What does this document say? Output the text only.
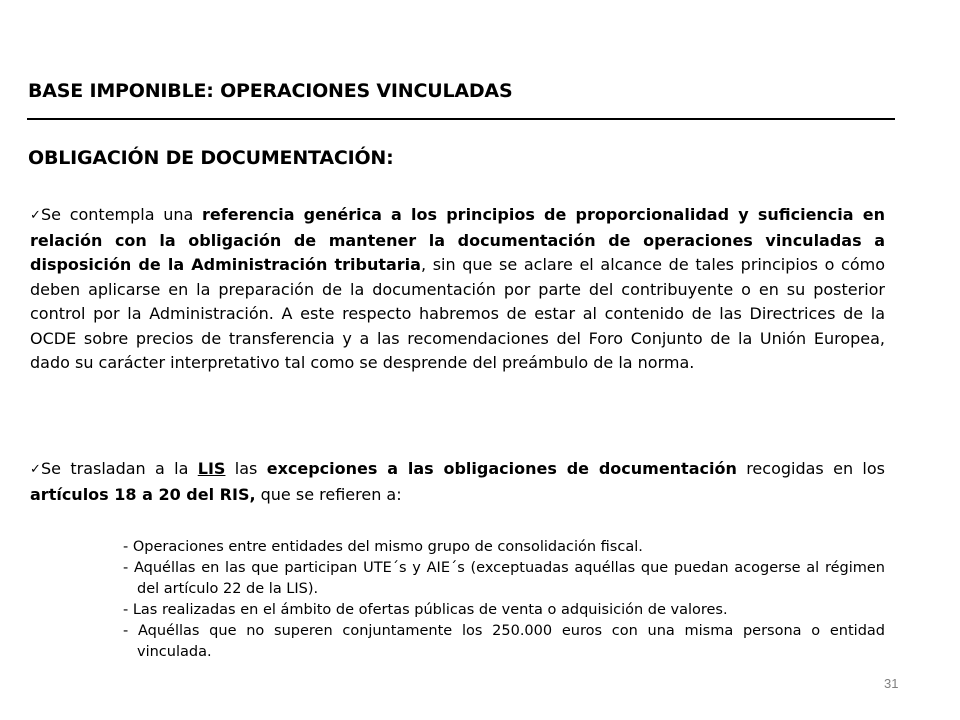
BASE IMPONIBLE: OPERACIONES VINCULADAS
OBLIGACIÓN DE DOCUMENTACIÓN:

✓Se contempla una referencia genérica a los principios de proporcionalidad y suficiencia en relación con la obligación de mantener la documentación de operaciones vinculadas a disposición de la Administración tributaria, sin que se aclare el alcance de tales principios o cómo deben aplicarse en la preparación de la documentación por parte del contribuyente o en su posterior control por la Administración. A este respecto habremos de estar al contenido de las Directrices de la OCDE sobre precios de transferencia y a las recomendaciones del Foro Conjunto de la Unión Europea, dado su carácter interpretativo tal como se desprende del preámbulo de la norma.

✓Se trasladan a la LIS las excepciones a las obligaciones de documentación recogidas en los artículos 18 a 20 del RIS, que se refieren a:

- Operaciones entre entidades del mismo grupo de consolidación fiscal.
- Aquéllas en las que participan UTE´s y AIE´s (exceptuadas aquéllas que puedan acogerse al régimen del artículo 22 de la LIS).
- Las realizadas en el ámbito de ofertas públicas de venta o adquisición de valores.
- Aquéllas que no superen conjuntamente los 250.000 euros con una misma persona o entidad vinculada.
31
